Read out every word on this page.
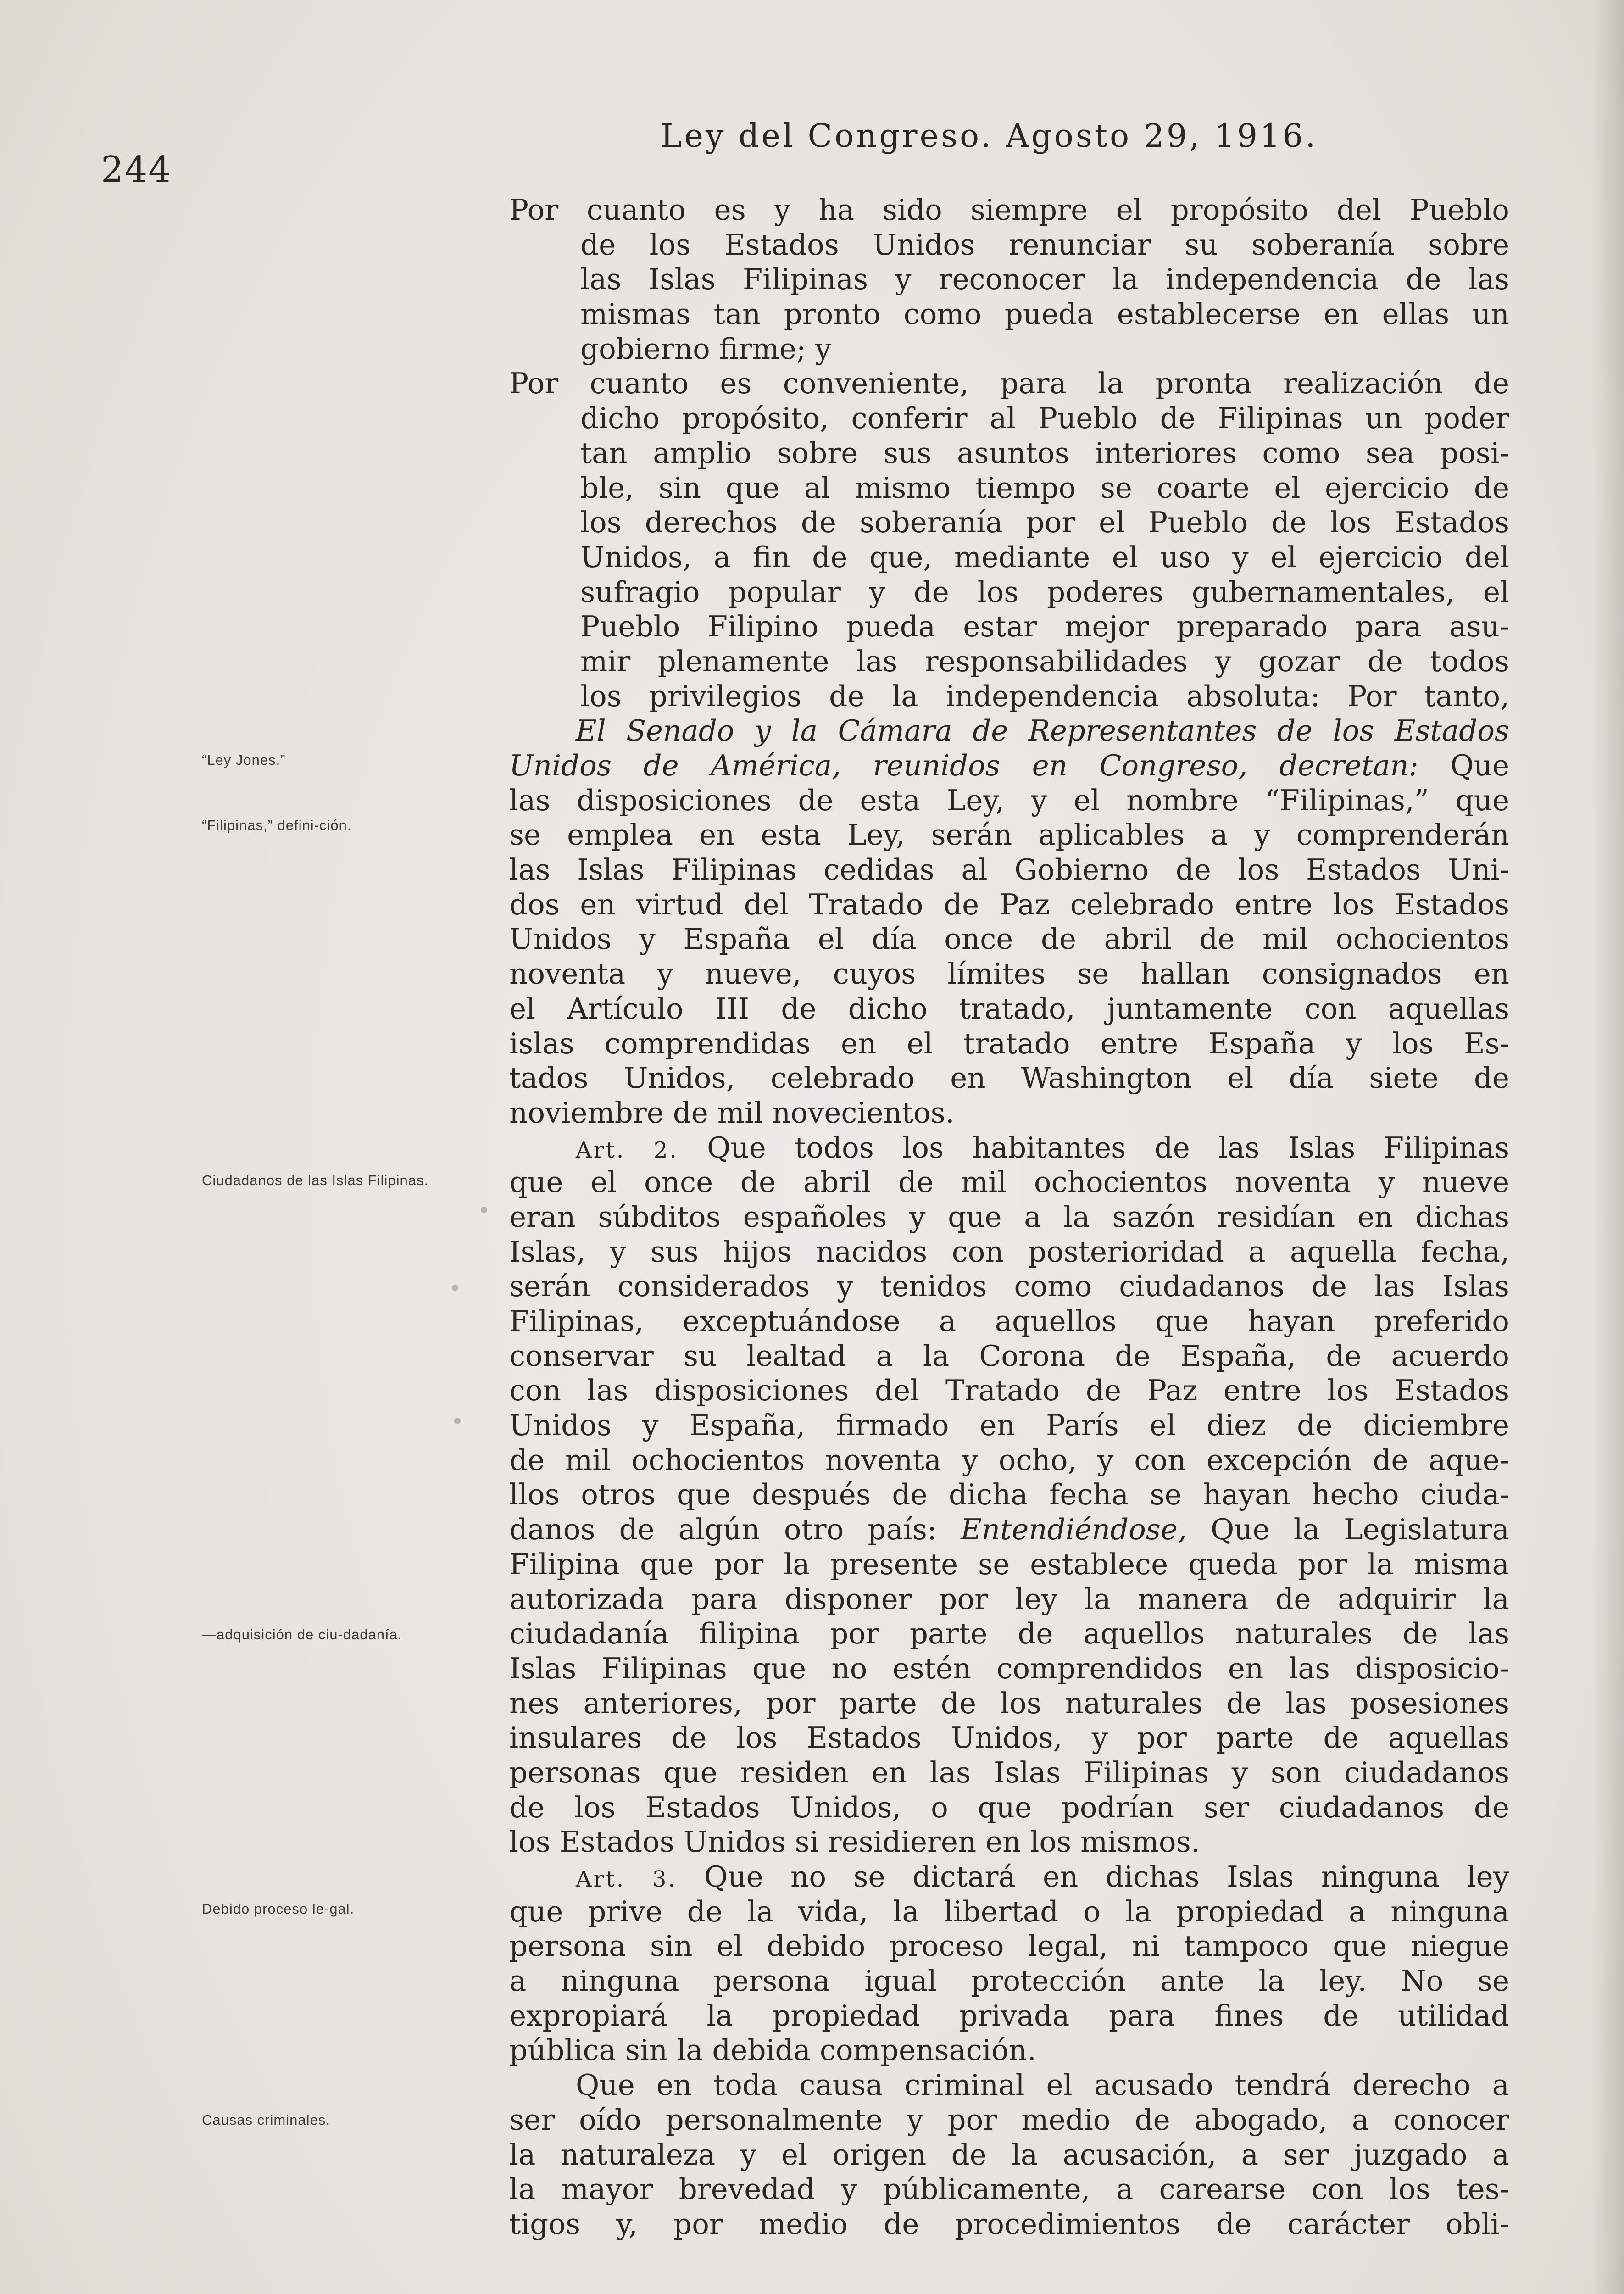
244
Ley del Congreso. Agosto 29, 1916.
“Ley Jones.”
“Filipinas,” defini-ción.
Ciudadanos de las Islas Filipinas.
—adquisición de ciu-dadanía.
Debido proceso le-gal.
Causas criminales.
Por cuanto es y ha sido siempre el propósito del Pueblo
de los Estados Unidos renunciar su soberanía sobre
las Islas Filipinas y reconocer la independencia de las
mismas tan pronto como pueda establecerse en ellas un
gobierno firme; y
Por cuanto es conveniente, para la pronta realización de
dicho propósito, conferir al Pueblo de Filipinas un poder
tan amplio sobre sus asuntos interiores como sea posi-
ble, sin que al mismo tiempo se coarte el ejercicio de
los derechos de soberanía por el Pueblo de los Estados
Unidos, a fin de que, mediante el uso y el ejercicio del
sufragio popular y de los poderes gubernamentales, el
Pueblo Filipino pueda estar mejor preparado para asu-
mir plenamente las responsabilidades y gozar de todos
los privilegios de la independencia absoluta: Por tanto,
El Senado y la Cámara de Representantes de los Estados
Unidos de América, reunidos en Congreso, decretan: Que
las disposiciones de esta Ley, y el nombre “Filipinas,” que
se emplea en esta Ley, serán aplicables a y comprenderán
las Islas Filipinas cedidas al Gobierno de los Estados Uni-
dos en virtud del Tratado de Paz celebrado entre los Estados
Unidos y España el día once de abril de mil ochocientos
noventa y nueve, cuyos límites se hallan consignados en
el Artículo III de dicho tratado, juntamente con aquellas
islas comprendidas en el tratado entre España y los Es-
tados Unidos, celebrado en Washington el día siete de
noviembre de mil novecientos.
Art. 2. Que todos los habitantes de las Islas Filipinas
que el once de abril de mil ochocientos noventa y nueve
eran súbditos españoles y que a la sazón residían en dichas
Islas, y sus hijos nacidos con posterioridad a aquella fecha,
serán considerados y tenidos como ciudadanos de las Islas
Filipinas, exceptuándose a aquellos que hayan preferido
conservar su lealtad a la Corona de España, de acuerdo
con las disposiciones del Tratado de Paz entre los Estados
Unidos y España, firmado en París el diez de diciembre
de mil ochocientos noventa y ocho, y con excepción de aque-
llos otros que después de dicha fecha se hayan hecho ciuda-
danos de algún otro país: Entendiéndose, Que la Legislatura
Filipina que por la presente se establece queda por la misma
autorizada para disponer por ley la manera de adquirir la
ciudadanía filipina por parte de aquellos naturales de las
Islas Filipinas que no estén comprendidos en las disposicio-
nes anteriores, por parte de los naturales de las posesiones
insulares de los Estados Unidos, y por parte de aquellas
personas que residen en las Islas Filipinas y son ciudadanos
de los Estados Unidos, o que podrían ser ciudadanos de
los Estados Unidos si residieren en los mismos.
Art. 3. Que no se dictará en dichas Islas ninguna ley
que prive de la vida, la libertad o la propiedad a ninguna
persona sin el debido proceso legal, ni tampoco que niegue
a ninguna persona igual protección ante la ley. No se
expropiará la propiedad privada para fines de utilidad
pública sin la debida compensación.
Que en toda causa criminal el acusado tendrá derecho a
ser oído personalmente y por medio de abogado, a conocer
la naturaleza y el origen de la acusación, a ser juzgado a
la mayor brevedad y públicamente, a carearse con los tes-
tigos y, por medio de procedimientos de carácter obli-
